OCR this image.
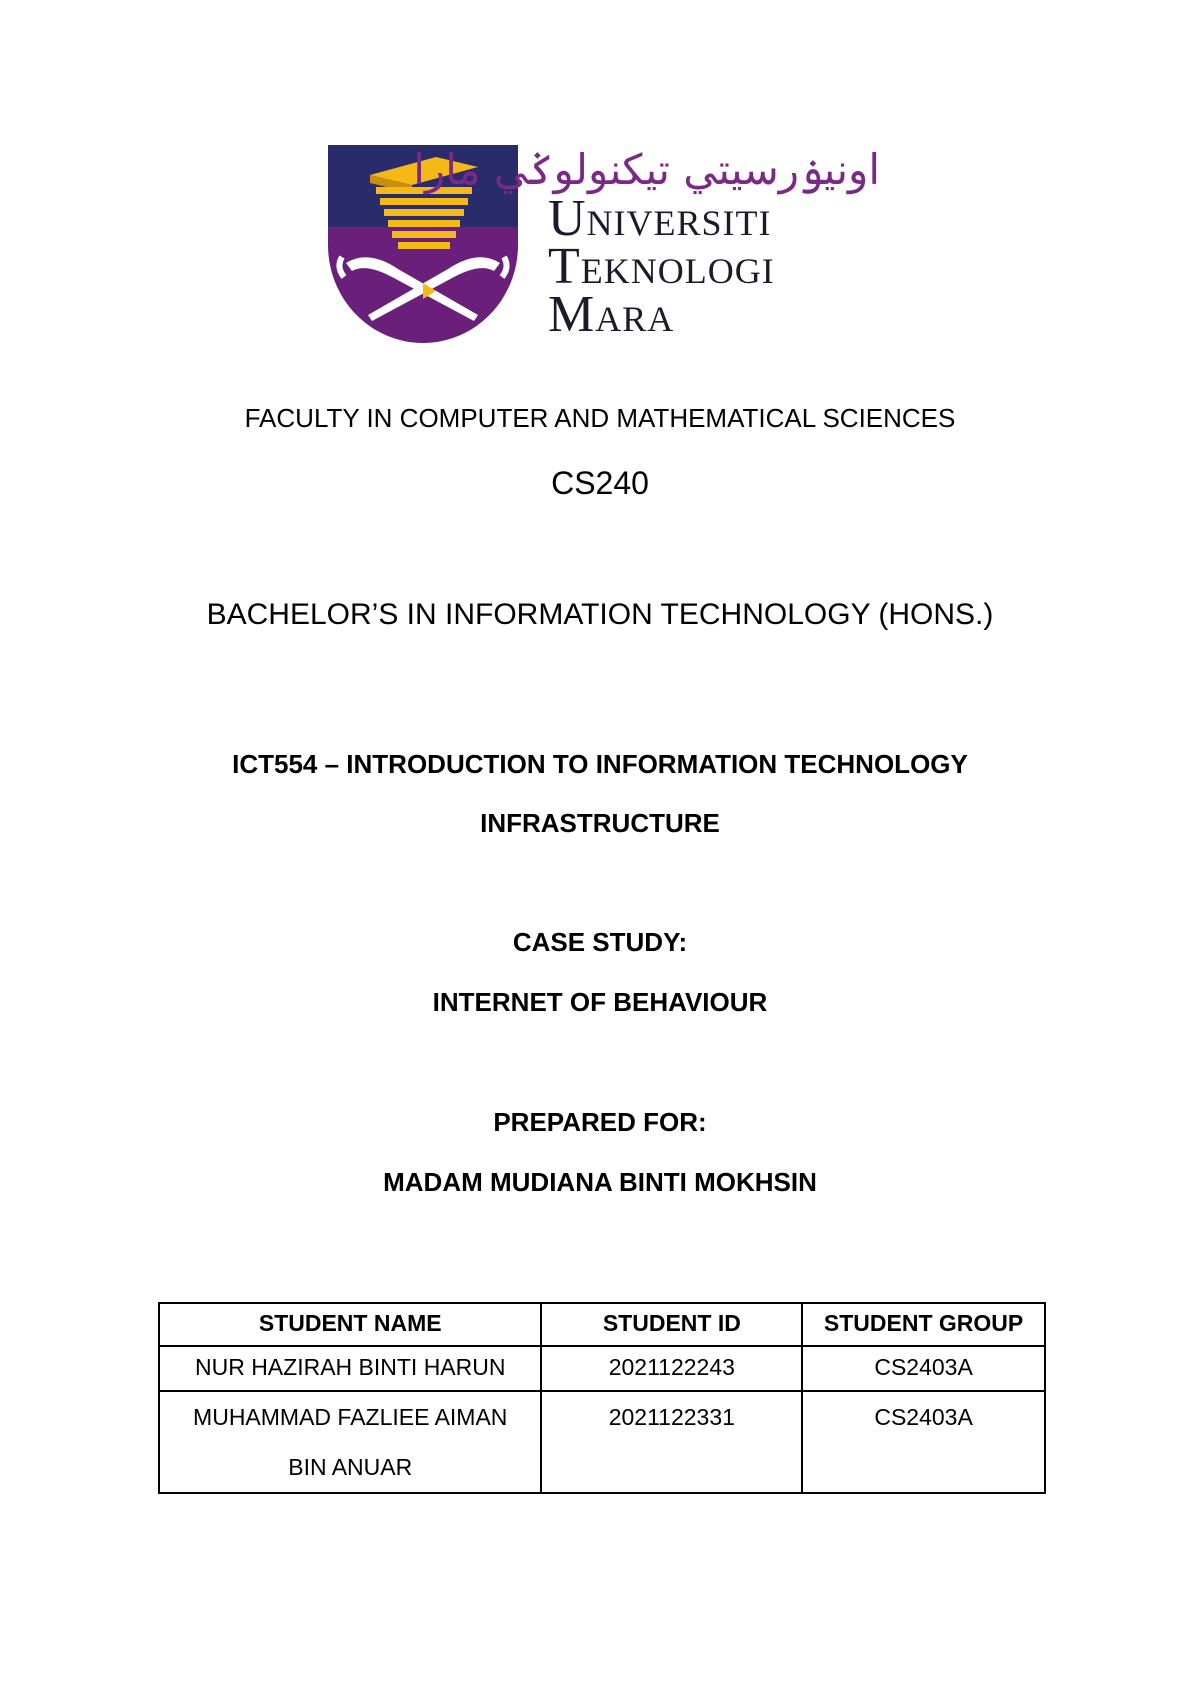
اونيۏرسيتي تيكنولوݢي مارا
Universiti
Teknologi
Mara
FACULTY IN COMPUTER AND MATHEMATICAL SCIENCES
CS240
BACHELOR’S IN INFORMATION TECHNOLOGY (HONS.)
ICT554 – INTRODUCTION TO INFORMATION TECHNOLOGY
INFRASTRUCTURE
CASE STUDY:
INTERNET OF BEHAVIOUR
PREPARED FOR:
MADAM MUDIANA BINTI MOKHSIN
STUDENT NAME	STUDENT ID	STUDENT GROUP
NUR HAZIRAH BINTI HARUN	2021122243	CS2403A

MUHAMMAD FAZLIEE AIMAN
BIN ANUAR	2021122331	CS2403A
